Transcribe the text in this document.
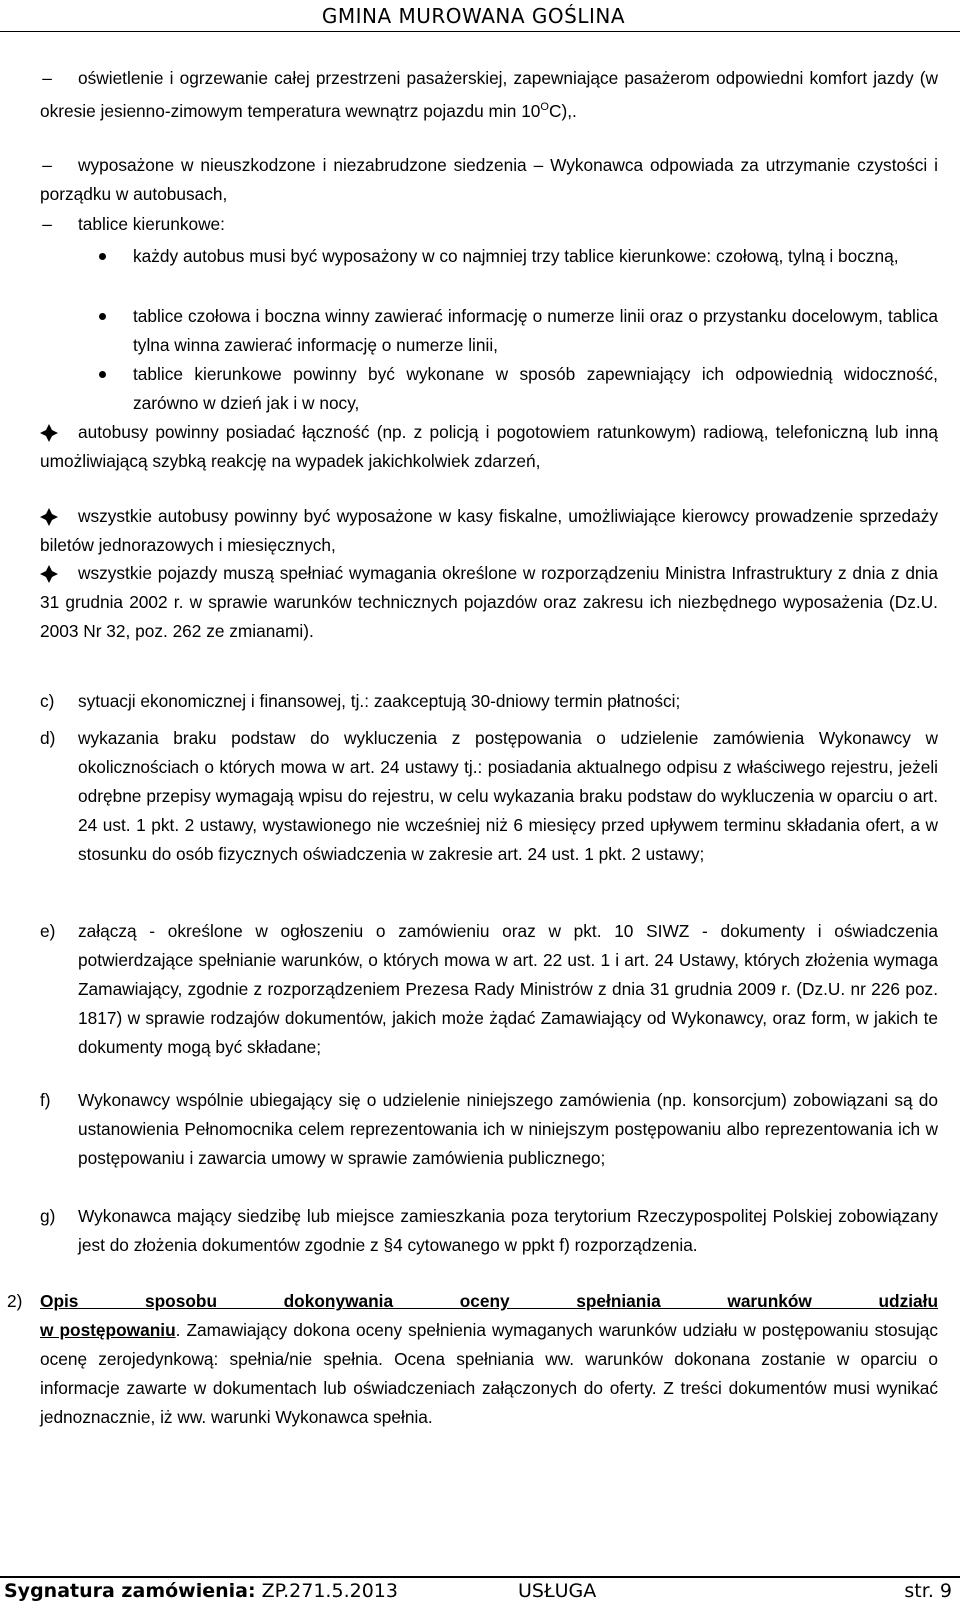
GMINA MUROWANA GOŚLINA
–	oświetlenie i ogrzewanie całej przestrzeni pasażerskiej, zapewniające pasażerom odpowiedni komfort jazdy (w okresie jesienno-zimowym temperatura wewnątrz pojazdu $\min 10^OC$),.
–	wyposażone w nieuszkodzone i niezabrudzone siedzenia – Wykonawca odpowiada za utrzymanie czystości i porządku w autobusach,
–	tablice kierunkowe:
każdy autobus musi być wyposażony w co najmniej trzy tablice kierunkowe: czołową, tylną i boczną,
tablice czołowa i boczna winny zawierać informację o numerze linii oraz o przystanku docelowym, tablica tylna winna zawierać informację o numerze linii,
tablice kierunkowe powinny być wykonane w sposób zapewniający ich odpowiednią widoczność, zarówno w dzień jak i w nocy,
autobusy powinny posiadać łączność (np. z policją i pogotowiem ratunkowym) radiową, telefoniczną lub inną umożliwiającą szybką reakcję na wypadek jakichkolwiek zdarzeń,
wszystkie autobusy powinny być wyposażone w kasy fiskalne, umożliwiające kierowcy prowadzenie sprzedaży biletów jednorazowych i miesięcznych,
wszystkie pojazdy muszą spełniać wymagania określone w rozporządzeniu Ministra Infrastruktury z dnia z dnia 31 grudnia 2002 r. w sprawie warunków technicznych pojazdów oraz zakresu ich niezbędnego wyposażenia (Dz.U. 2003 Nr 32, poz. 262 ze zmianami).
c) sytuacji ekonomicznej i finansowej, tj.: zaakceptują 30-dniowy termin płatności;
d) wykazania braku podstaw do wykluczenia z postępowania o udzielenie zamówienia Wykonawcy w okolicznościach o których mowa w art. 24 ustawy tj.: posiadania aktualnego odpisu z właściwego rejestru, jeżeli odrębne przepisy wymagają wpisu do rejestru, w celu wykazania braku podstaw do wykluczenia w oparciu o art. 24 ust. 1 pkt. 2 ustawy, wystawionego nie wcześniej niż 6 miesięcy przed upływem terminu składania ofert, a w stosunku do osób fizycznych oświadczenia w zakresie art. 24 ust. 1 pkt. 2 ustawy;
e) załączą - określone w ogłoszeniu o zamówieniu oraz w pkt. 10 SIWZ - dokumenty i oświadczenia potwierdzające spełnianie warunków, o których mowa w art. 22 ust. 1 i art. 24 Ustawy, których złożenia wymaga Zamawiający, zgodnie z rozporządzeniem Prezesa Rady Ministrów z dnia 31 grudnia 2009 r. (Dz.U. nr 226 poz. 1817) w sprawie rodzajów dokumentów, jakich może żądać Zamawiający od Wykonawcy, oraz form, w jakich te dokumenty mogą być składane;
f) Wykonawcy wspólnie ubiegający się o udzielenie niniejszego zamówienia (np. konsorcjum) zobowiązani są do ustanowienia Pełnomocnika celem reprezentowania ich w niniejszym postępowaniu albo reprezentowania ich w postępowaniu i zawarcia umowy w sprawie zamówienia publicznego;
g) Wykonawca mający siedzibę lub miejsce zamieszkania poza terytorium Rzeczypospolitej Polskiej zobowiązany jest do złożenia dokumentów zgodnie z §4 cytowanego w ppkt f) rozporządzenia.
2) Opis sposobu dokonywania oceny spełniania warunków udziału
w postępowaniu. Zamawiający dokona oceny spełnienia wymaganych warunków udziału w postępowaniu stosując ocenę zerojedynkową: spełnia/nie spełnia. Ocena spełniania ww. warunków dokonana zostanie w oparciu o informacje zawarte w dokumentach lub oświadczeniach załączonych do oferty. Z treści dokumentów musi wynikać jednoznacznie, iż ww. warunki Wykonawca spełnia.
Sygnatura zamówienia: ZP.271.5.2013	USŁUGA	str. 9
